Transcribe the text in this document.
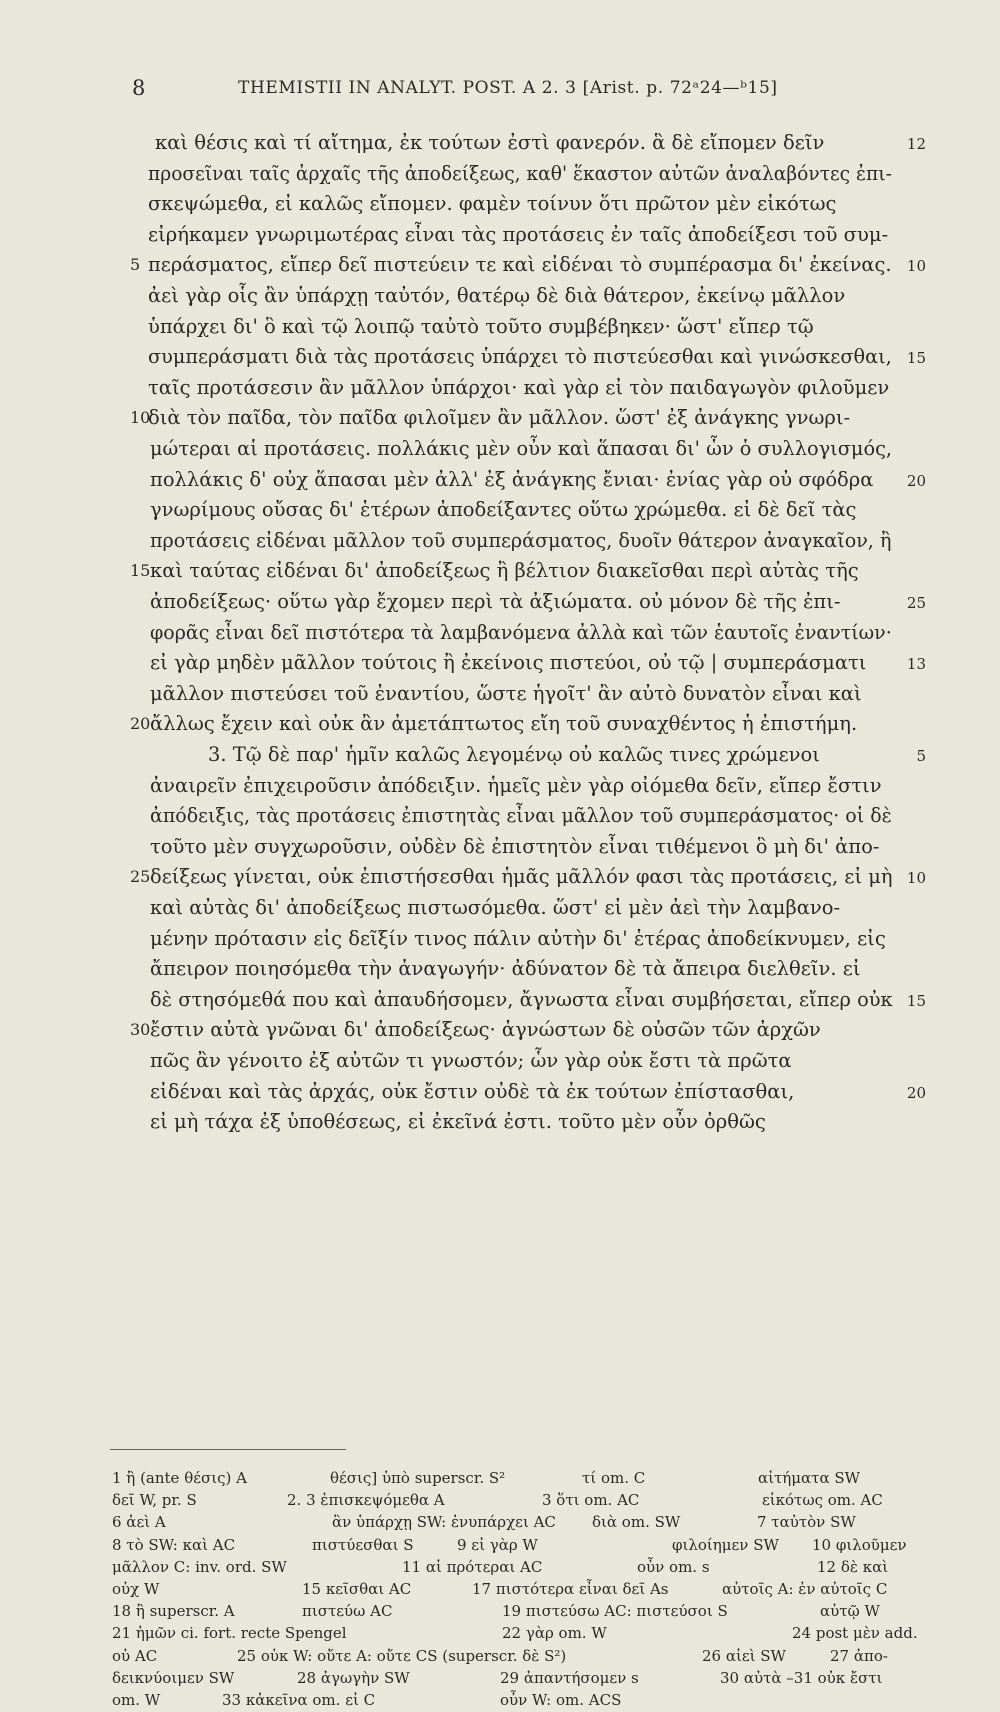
8	THEMISTII IN ANALYT. POST. A 2. 3 [Arist. p. 72ᵃ24—ᵇ15]
καὶ θέσις καὶ τί αἴτημα, ἐκ τούτων ἐστὶ φανερόν. ἃ δὲ εἴπομεν δεῖν	12
προσεῖναι ταῖς ἀρχαῖς τῆς ἀποδείξεως, καθ' ἕκαστον αὐτῶν ἀναλαβόντες ἐπι-
σκεψώμεθα, εἰ καλῶς εἴπομεν. φαμὲν τοίνυν ὅτι πρῶτον μὲν εἰκότως
εἰρήκαμεν γνωριμωτέρας εἶναι τὰς προτάσεις ἐν ταῖς ἀποδείξεσι τοῦ συμ-
περάσματος, εἴπερ δεῖ πιστεύειν τε καὶ εἰδέναι τὸ συμπέρασμα δι' ἐκείνας.
5	10
ἀεὶ γὰρ οἷς ἂν ὑπάρχῃ ταὐτόν, θατέρῳ δὲ διὰ θάτερον, ἐκείνῳ μᾶλλον
ὑπάρχει δι' ὃ καὶ τῷ λοιπῷ ταὐτὸ τοῦτο συμβέβηκεν· ὥστ' εἴπερ τῷ
συμπεράσματι διὰ τὰς προτάσεις ὑπάρχει τὸ πιστεύεσθαι καὶ γινώσκεσθαι, 15
ταῖς προτάσεσιν ἂν μᾶλλον ὑπάρχοι· καὶ γὰρ εἰ τὸν παιδαγωγὸν φιλοῦμεν
διὰ τὸν παῖδα, τὸν παῖδα φιλοῖμεν ἂν μᾶλλον. ὥστ' ἐξ ἀνάγκης γνωρι-
10
μώτεραι αἱ προτάσεις. πολλάκις μὲν οὖν καὶ ἅπασαι δι' ὧν ὁ συλλογισμός,
πολλάκις δ' οὐχ ἅπασαι μὲν ἀλλ' ἐξ ἀνάγκης ἔνιαι· ἐνίας γὰρ οὐ σφόδρα 20
γνωρίμους οὔσας δι' ἑτέρων ἀποδείξαντες οὕτω χρώμεθα. εἰ δὲ δεῖ τὰς
προτάσεις εἰδέναι μᾶλλον τοῦ συμπεράσματος, δυοῖν θάτερον ἀναγκαῖον, ἢ
καὶ ταύτας εἰδέναι δι' ἀποδείξεως ἢ βέλτιον διακεῖσθαι περὶ αὐτὰς τῆς
15
ἀποδείξεως· οὕτω γὰρ ἔχομεν περὶ τὰ ἀξιώματα. οὐ μόνον δὲ τῆς ἐπι-	25
φορᾶς εἶναι δεῖ πιστότερα τὰ λαμβανόμενα ἀλλὰ καὶ τῶν ἑαυτοῖς ἐναντίων·
εἰ γὰρ μηδὲν μᾶλλον τούτοις ἢ ἐκείνοις πιστεύοι, οὐ τῷ | συμπεράσματι	13
μᾶλλον πιστεύσει τοῦ ἐναντίου, ὥστε ἡγοῖτ' ἂν αὐτὸ δυνατὸν εἶναι καὶ
ἄλλως ἔχειν καὶ οὐκ ἂν ἀμετάπτωτος εἴη τοῦ συναχθέντος ἡ ἐπιστήμη.
20
3. Τῷ δὲ παρ' ἡμῖν καλῶς λεγομένῳ οὐ καλῶς τινες χρώμενοι	5
ἀναιρεῖν ἐπιχειροῦσιν ἀπόδειξιν. ἡμεῖς μὲν γὰρ οἰόμεθα δεῖν, εἴπερ ἔστιν
ἀπόδειξις, τὰς προτάσεις ἐπιστητὰς εἶναι μᾶλλον τοῦ συμπεράσματος· οἱ δὲ
τοῦτο μὲν συγχωροῦσιν, οὐδὲν δὲ ἐπιστητὸν εἶναι τιθέμενοι ὃ μὴ δι' ἀπο-
δείξεως γίνεται, οὐκ ἐπιστήσεσθαι ἡμᾶς μᾶλλόν φασι τὰς προτάσεις, εἰ μὴ
25	10
καὶ αὐτὰς δι' ἀποδείξεως πιστωσόμεθα. ὥστ' εἰ μὲν ἀεὶ τὴν λαμβανο-
μένην πρότασιν εἰς δεῖξίν τινος πάλιν αὐτὴν δι' ἑτέρας ἀποδείκνυμεν, εἰς
ἄπειρον ποιησόμεθα τὴν ἀναγωγήν· ἀδύνατον δὲ τὰ ἄπειρα διελθεῖν. εἰ
δὲ στησόμεθά που καὶ ἀπαυδήσομεν, ἄγνωστα εἶναι συμβήσεται, εἴπερ οὐκ 15
ἔστιν αὐτὰ γνῶναι δι' ἀποδείξεως· ἀγνώστων δὲ οὐσῶν τῶν ἀρχῶν
30
πῶς ἂν γένοιτο ἐξ αὐτῶν τι γνωστόν; ὧν γὰρ οὐκ ἔστι τὰ πρῶτα
εἰδέναι καὶ τὰς ἀρχάς, οὐκ ἔστιν οὐδὲ τὰ ἐκ τούτων ἐπίστασθαι,	20
εἰ μὴ τάχα ἐξ ὑποθέσεως, εἰ ἐκεῖνά ἐστι. τοῦτο μὲν οὖν ὀρθῶς
1 ἢ (ante θέσις) A	θέσις] ὑπὸ superscr. S²	τί om. C	αἰτήματα SW
δεῖ W, pr. S	2. 3 ἐπισκεψόμεθα A	3 ὅτι om. AC	εἰκότως om. AC
6 ἀεὶ A	ἂν ὑπάρχῃ SW: ἐνυπάρχει AC διὰ om. SW	7 ταὐτὸν SW
8 τὸ SW: καὶ AC	πιστύεσθαι S	9 εἰ γὰρ W	φιλοίημεν SW 10 φιλοῦμεν
μᾶλλον C: inv. ord. SW	11 αἱ πρότεραι AC	οὖν om. s	12 δὲ καὶ
οὐχ W	15 κεῖσθαι AC	17 πιστότερα εἶναι δεῖ As	αὐτοῖς A: ἐν αὐτοῖς C
18 ἢ superscr. A	πιστεύω AC	19 πιστεύσω AC: πιστεύσοι S	αὐτῷ W
21 ἡμῶν ci. fort. recte Spengel	22 γὰρ om. W	24 post μὲν add.
οὐ AC	25 οὐκ W: οὔτε A: οὔτε CS (superscr. δὲ S²)	26 αἰεὶ SW	27 ἀπο-
δεικνύοιμεν SW	28 ἀγωγὴν SW	29 ἀπαντήσομεν s	30 αὐτὰ –31 οὐκ ἔστι
om. W	33 κἀκεῖνα om. εἰ C	οὖν W: om. ACS
